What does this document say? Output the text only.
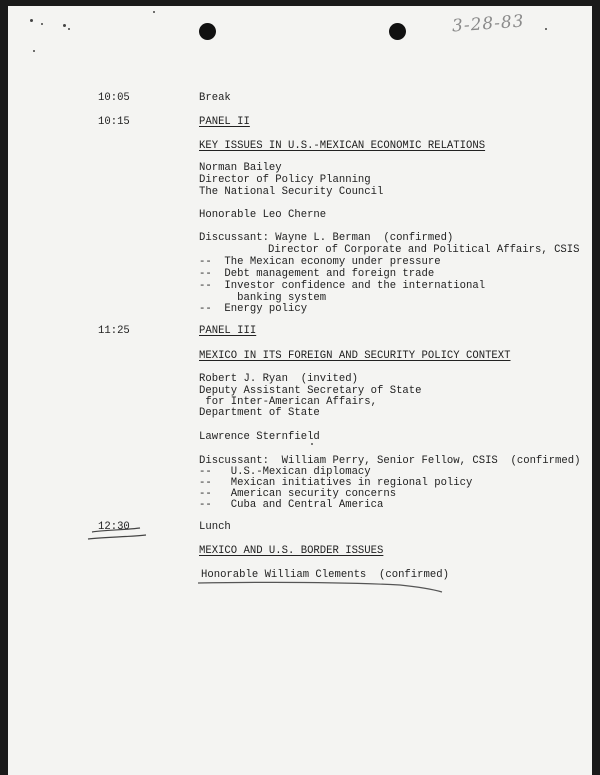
3-28-83
10:05
10:15
11:25
12:30
Break
PANEL II
KEY ISSUES IN U.S.-MEXICAN ECONOMIC RELATIONS
Norman Bailey
Director of Policy Planning
The National Security Council
Honorable Leo Cherne
Discussant: Wayne L. Berman  (confirmed)
Director of Corporate and Political Affairs, CSIS
--  The Mexican economy under pressure
--  Debt management and foreign trade
--  Investor confidence and the international
banking system
--  Energy policy
PANEL III
MEXICO IN ITS FOREIGN AND SECURITY POLICY CONTEXT
Robert J. Ryan  (invited)
Deputy Assistant Secretary of State
for Inter-American Affairs,
Department of State
Lawrence Sternfield
Discussant:  William Perry, Senior Fellow, CSIS  (confirmed)
--   U.S.-Mexican diplomacy
--   Mexican initiatives in regional policy
--   American security concerns
--   Cuba and Central America
Lunch
MEXICO AND U.S. BORDER ISSUES
Honorable William Clements  (confirmed)
